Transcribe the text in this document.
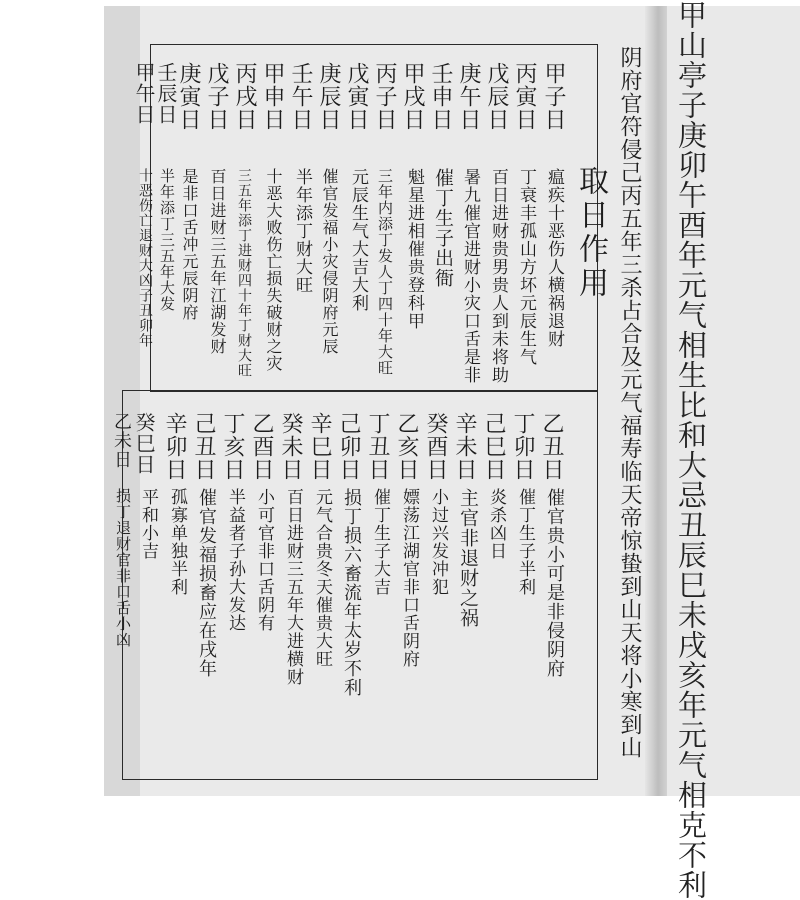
甲山亭子庚卯午酉年元气相生比和大忌丑辰巳未戌亥年元气相克不利
阴府官符侵己丙五年三杀占合及元气福寿临天帝惊蛰到山天将小寒到山
取日作用
甲子日
丙寅日
戊辰日
庚午日
壬申日
甲戌日
丙子日
戊寅日
庚辰日
壬午日
甲申日
丙戌日
戊子日
庚寅日
壬辰日
甲午日
瘟疾十恶伤人横祸退财
丁衰丰孤山方坏元辰生气
百日进财贵男贵人到未将助
暑九催官进财小灾口舌是非
催丁生子出衙
魁星进相催贵登科甲
三年内添丁发人丁四十年大旺
元辰生气大吉大利
催官发福小灾侵阴府元辰
半年添丁财大旺
十恶大败伤亡损失破财之灾
三五年添丁进财四十年丁财大旺
百日进财三五年江湖发财
是非口舌冲元辰阴府
半年添丁三五年大发
十恶伤亡退财大凶子丑卯年
乙丑日
丁卯日
己巳日
辛未日
癸酉日
乙亥日
丁丑日
己卯日
辛巳日
癸未日
乙酉日
丁亥日
己丑日
辛卯日
癸巳日
乙未日
催官贵小可是非侵阴府
催丁生子半利
炎杀凶日
主官非退财之祸
小过兴发冲犯
嫖荡江湖官非口舌阴府
催丁生子大吉
损丁损六畜流年太岁不利
元气合贵冬天催贵大旺
百日进财三五年大进横财
小可官非口舌阴有
半益者子孙大发达
催官发福损畜应在戌年
孤寡单独半利
平和小吉
损丁退财官非口舌小凶
